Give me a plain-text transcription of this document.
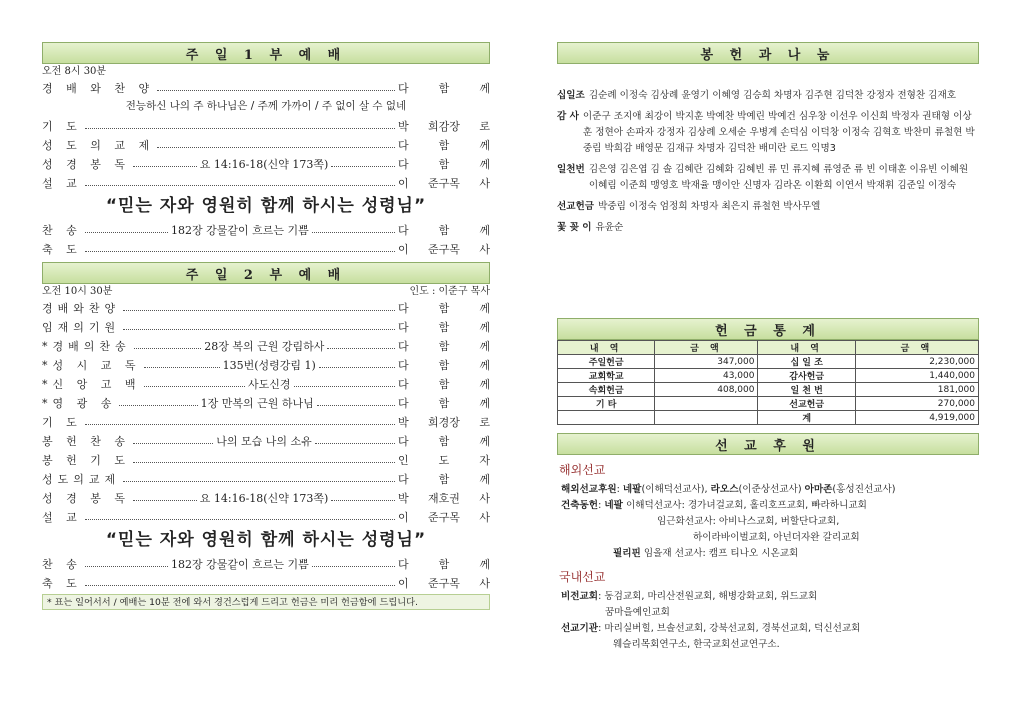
주 일 1 부 예 배
오전 8시 30분
경 배 와 찬 양	다	함	께
전능하신 나의 주 하나님은 / 주께 가까이 / 주 없이 살 수 없네
기 도	박 희감장 로
성 도 의 교 제	다	함	께
성 경 봉 독	요 14:16-18(신약 173쪽)	다	함	께
설 교	이 준구목 사
“믿는 자와 영원히 함께 하시는 성령님”
찬 송	182장 강물같이 흐르는 기쁨	다	함	께
축 도	이 준구목 사
주 일 2 부 예 배
오전 10시 30분	인도 : 이준구 목사
경배와찬양	다	함	께
임재의기원	다	함	께
*경배의찬송	28장 복의 근원 강림하사	다	함	께
*성 시 교 독	135번(성령강림 1)	다	함	께
*신 앙 고 백	사도신경	다	함	께
*영 광 송	1장 만복의 근원 하나님	다	함	께
기 도	박 희경장 로
봉 헌 찬 송	나의 모습 나의 소유	다	함	께
봉 헌 기 도	인	도	자
성도의교제	다	함	께
성 경 봉 독	요 14:16-18(신약 173쪽)	박 재호권 사
설 교	이 준구목 사
“믿는 자와 영원히 함께 하시는 성령님”
찬 송	182장 강물같이 흐르는 기쁨	다	함	께
축 도	이 준구목 사
* 표는 일어서서 / 예배는 10분 전에 와서 경건스럽게 드리고 헌금은 미리 헌금함에 드립니다.
봉 헌 과 나 눔
십일조 김순례 이정숙 김상례 윤영기 이혜영 김승희 차명자 김주현 김덕찬 강정자 전형찬 김재호
감 사 이준구 조지애 최강이 박지훈 박예찬 박예린 박예건 심우창 이선우 이신희 박정자 권태형 이상훈 정현아 손파자 강정자 김상례 오세순 우병계 손덕심 이덕창 이정숙 김혁호 박찬미 류철현 박중림 박희감 배영문 김재규 차명자 김덕찬 배미란 로드 익명3
일천번 김은영 김은엽 김 솔 김혜란 김혜화 김혜빈 류 민 류지혜 류영준 류 빈 이태훈 이유빈 이혜원 이혜림 이준희 맹영호 박재율 맹이안 신명자 김라온 이환희 이연서 박재휘 김준일 이정숙
선교헌금 박중림 이정숙 엄정희 차명자 최은지 류철현 박사무엘
꽃 꽂 이 유윤순
헌 금 통 계
내 역	금 액	내 역	금 액
주일헌금	347,000	십 일 조	2,230,000
교회학교	43,000	감사헌금	1,440,000
속회헌금	408,000	일 천 번	181,000
기 타		선교헌금	270,000
		계	4,919,000
선 교 후 원
해외선교
해외선교후원: 네팔(이해덕선교사), 라오스(이준상선교사) 아마존(홍성진선교사)
건축동헌: 네팔 이해덕선교사: 경가녀걸교회, 홀리호프교회, 빠라하니교회
임근화선교사: 아비나스교회, 버할단다교회,
하이라바이벌교회, 아넌더자완 갈리교회
필리핀 임올재 선교사: 캠프 티나오 시온교회
국내선교
비전교회: 동검교회, 마리산전원교회, 해병강화교회, 위드교회
꿈마을예인교회
선교기관: 마리실버힐, 브솔선교회, 강북선교회, 경북선교회, 덕신선교회
웨슬리목회연구소, 한국교회선교연구소.
